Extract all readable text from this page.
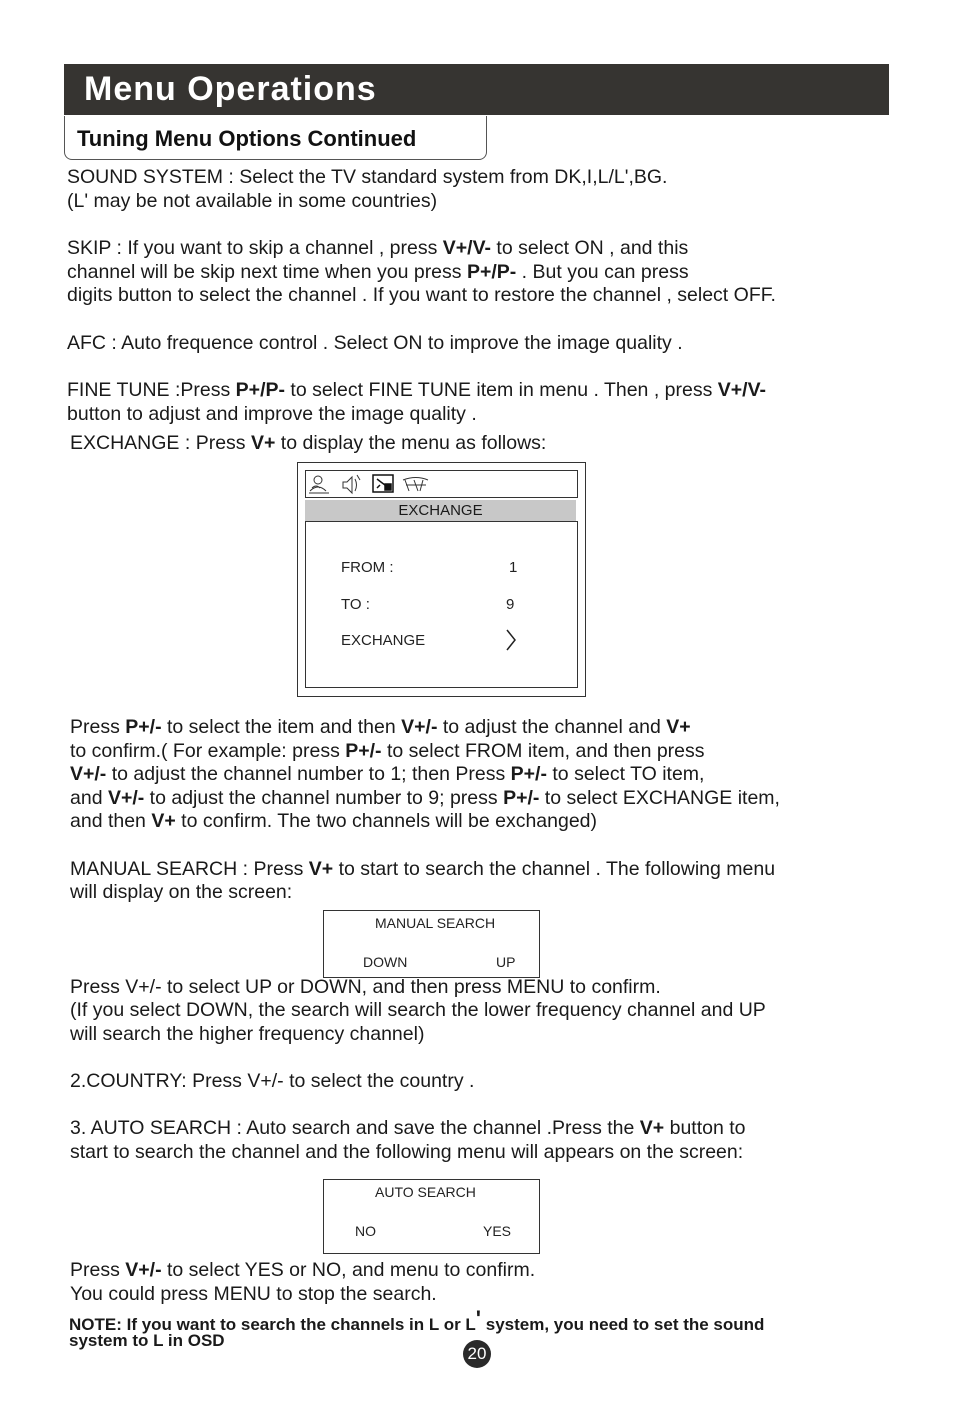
Menu Operations
Tuning Menu Options Continued
SOUND SYSTEM : Select the TV standard system from DK,I,L/L',BG.
(L' may be not available in some countries)
SKIP : If you want to skip a channel , press V+/V- to select ON , and this
channel will be skip next time when you press P+/P- . But you can press
digits button to select the channel . If you want to restore the channel , select OFF.
AFC : Auto frequence control . Select ON to improve the image quality .
FINE TUNE :Press P+/P- to select FINE TUNE item in menu . Then , press V+/V-
button to adjust and improve the image quality .
EXCHANGE : Press V+ to display the menu as follows:
EXCHANGE
FROM :	1
TO :	9
EXCHANGE
Press P+/- to select the item and then V+/- to adjust the channel and V+
to confirm.( For example: press P+/- to select FROM item, and then press
V+/- to adjust the channel number to 1; then Press P+/- to select TO item,
and V+/- to adjust the channel number to 9; press P+/- to select EXCHANGE item,
and then V+ to confirm. The two channels will be exchanged)
MANUAL SEARCH : Press V+ to start to search the channel . The following menu
will display on the screen:
MANUAL SEARCH
DOWN	UP
Press V+/- to select UP or DOWN, and then press MENU to confirm.
(If you select DOWN, the search will search the lower frequency channel and UP
will search the higher frequency channel)
2.COUNTRY: Press V+/- to select the country .
3. AUTO SEARCH : Auto search and save the channel .Press the V+ button to
start to search the channel and the following menu will appears on the screen:
AUTO SEARCH
NO	YES
Press V+/- to select YES or NO, and menu to confirm.
You could press MENU to stop the search.
NOTE: If you want to search the channels in L or L' system, you need to set the sound
system to L in OSD
20
